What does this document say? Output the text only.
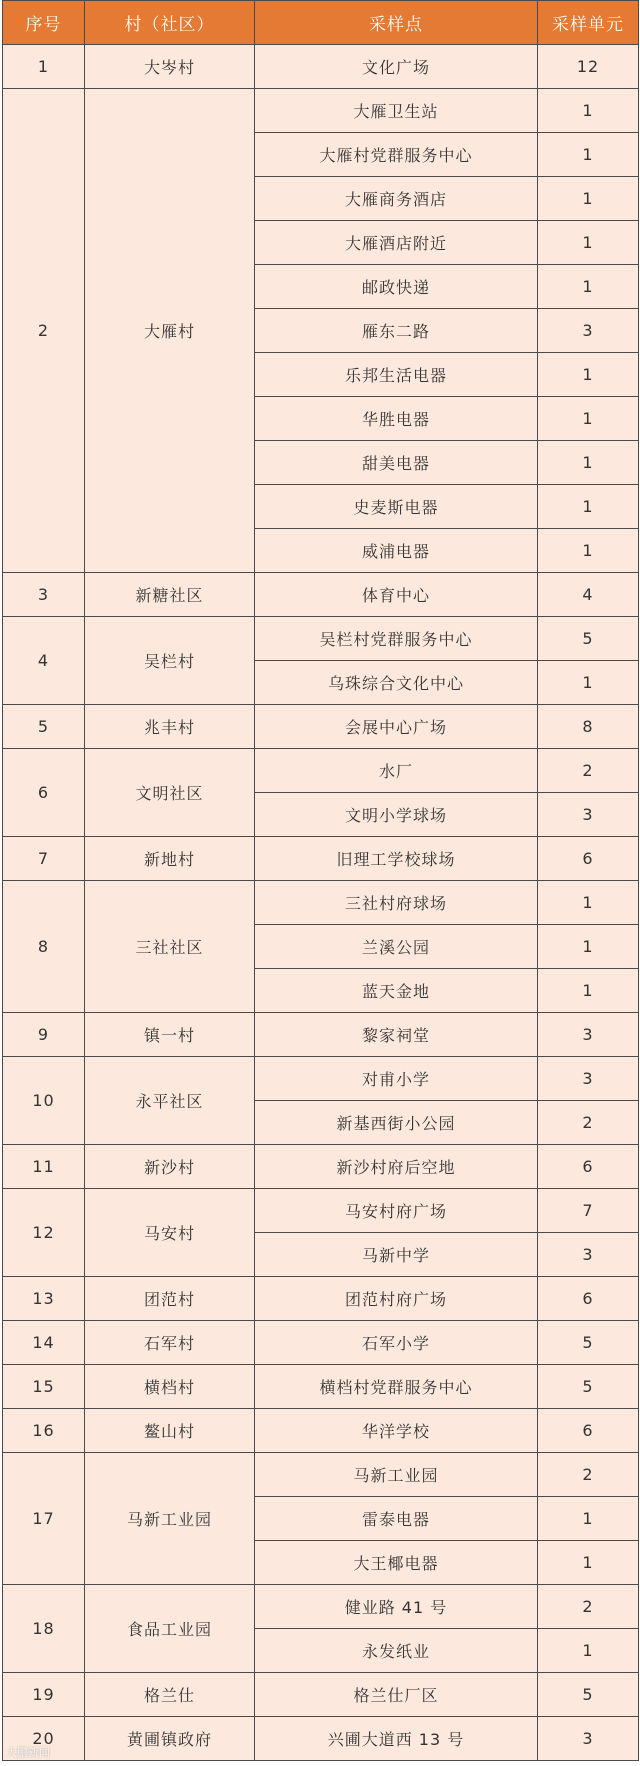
序号	村（社区）	采样点	采样单元
1	大岑村	文化广场	12
2	大雁村	大雁卫生站	1
		大雁村党群服务中心	1
		大雁商务酒店	1
		大雁酒店附近	1
		邮政快递	1
		雁东二路	3
		乐邦生活电器	1
		华胜电器	1
		甜美电器	1
		史麦斯电器	1
		威浦电器	1
3	新糖社区	体育中心	4
4	吴栏村	吴栏村党群服务中心	5
		乌珠综合文化中心	1
5	兆丰村	会展中心广场	8
6	文明社区	水厂	2
		文明小学球场	3
7	新地村	旧理工学校球场	6
8	三社社区	三社村府球场	1
		兰溪公园	1
		蓝天金地	1
9	镇一村	黎家祠堂	3
10	永平社区	对甫小学	3
		新基西街小公园	2
11	新沙村	新沙村府后空地	6
12	马安村	马安村府广场	7
		马新中学	3
13	团范村	团范村府广场	6
14	石军村	石军小学	5
15	横档村	横档村党群服务中心	5
16	鳌山村	华洋学校	6
17	马新工业园	马新工业园	2
		雷泰电器	1
		大王椰电器	1
18	食品工业园	健业路 41 号	2
		永发纸业	1
19	格兰仕	格兰仕厂区	5
20	黄圃镇政府	兴圃大道西 13 号	3
大鹏新闻
